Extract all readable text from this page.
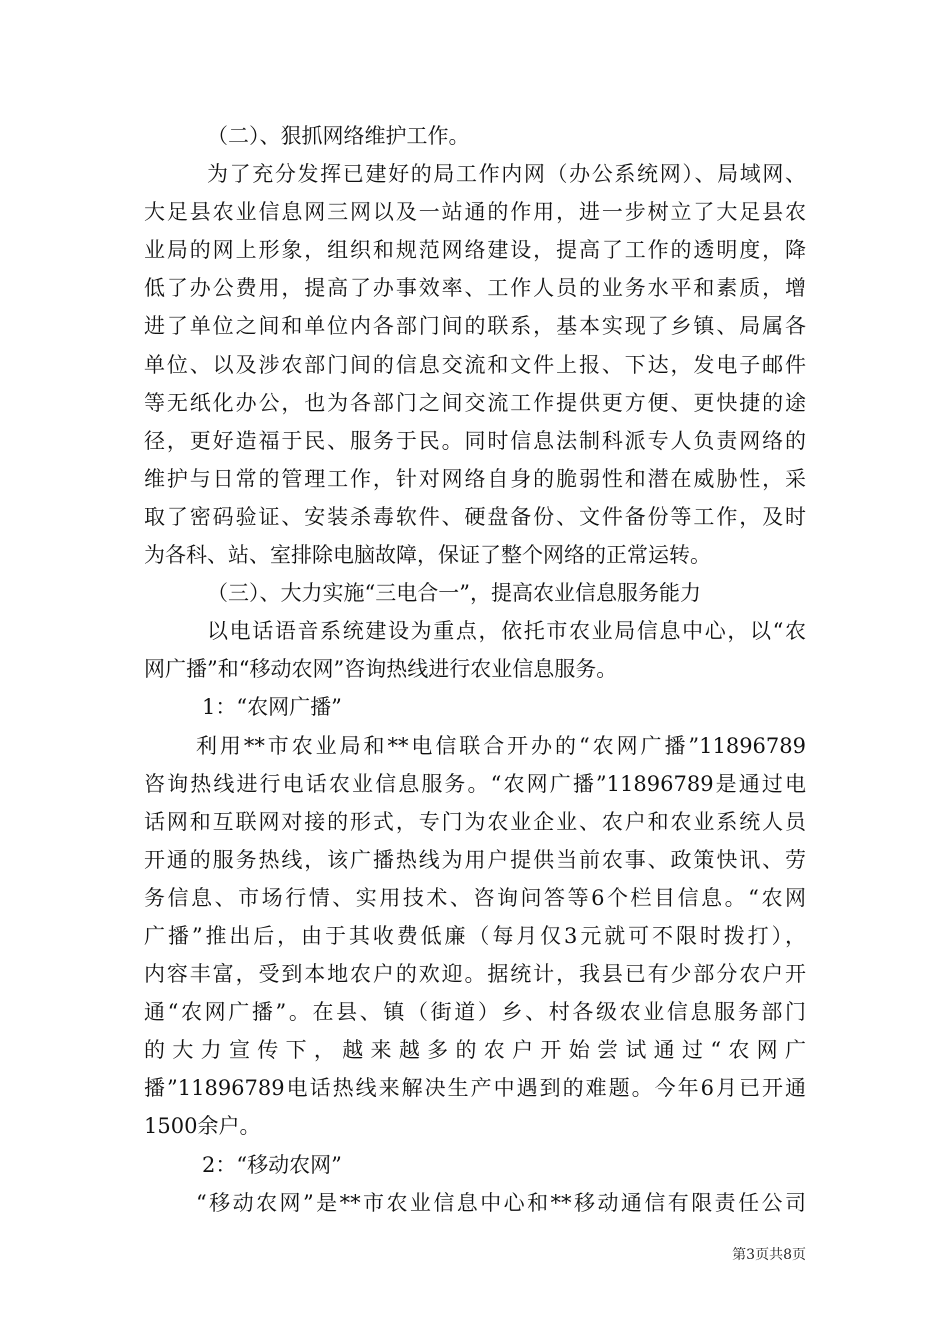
（二）、狠抓网络维护工作。
为了充分发挥已建好的局工作内网（办公系统网）、局域网、
大足县农业信息网三网以及一站通的作用，进一步树立了大足县农
业局的网上形象，组织和规范网络建设，提高了工作的透明度，降
低了办公费用，提高了办事效率、工作人员的业务水平和素质，增
进了单位之间和单位内各部门间的联系，基本实现了乡镇、局属各
单位、以及涉农部门间的信息交流和文件上报、下达，发电子邮件
等无纸化办公，也为各部门之间交流工作提供更方便、更快捷的途
径，更好造福于民、服务于民。同时信息法制科派专人负责网络的
维护与日常的管理工作，针对网络自身的脆弱性和潜在威胁性，采
取了密码验证、安装杀毒软件、硬盘备份、文件备份等工作，及时
为各科、站、室排除电脑故障，保证了整个网络的正常运转。
（三）、大力实施“三电合一”，提高农业信息服务能力
以电话语音系统建设为重点，依托市农业局信息中心，以“农
网广播”和“移动农网”咨询热线进行农业信息服务。
1：“农网广播”
利用**市农业局和**电信联合开办的“农网广播”11896789
咨询热线进行电话农业信息服务。“农网广播”11896789是通过电
话网和互联网对接的形式，专门为农业企业、农户和农业系统人员
开通的服务热线，该广播热线为用户提供当前农事、政策快讯、劳
务信息、市场行情、实用技术、咨询问答等6个栏目信息。“农网
广播”推出后，由于其收费低廉（每月仅3元就可不限时拨打），
内容丰富，受到本地农户的欢迎。据统计，我县已有少部分农户开
通“农网广播”。在县、镇（街道）乡、村各级农业信息服务部门
的大力宣传下，越来越多的农户开始尝试通过“农网广
播”11896789电话热线来解决生产中遇到的难题。今年6月已开通
1500余户。
2：“移动农网”
“移动农网”是**市农业信息中心和**移动通信有限责任公司
第3页共8页
